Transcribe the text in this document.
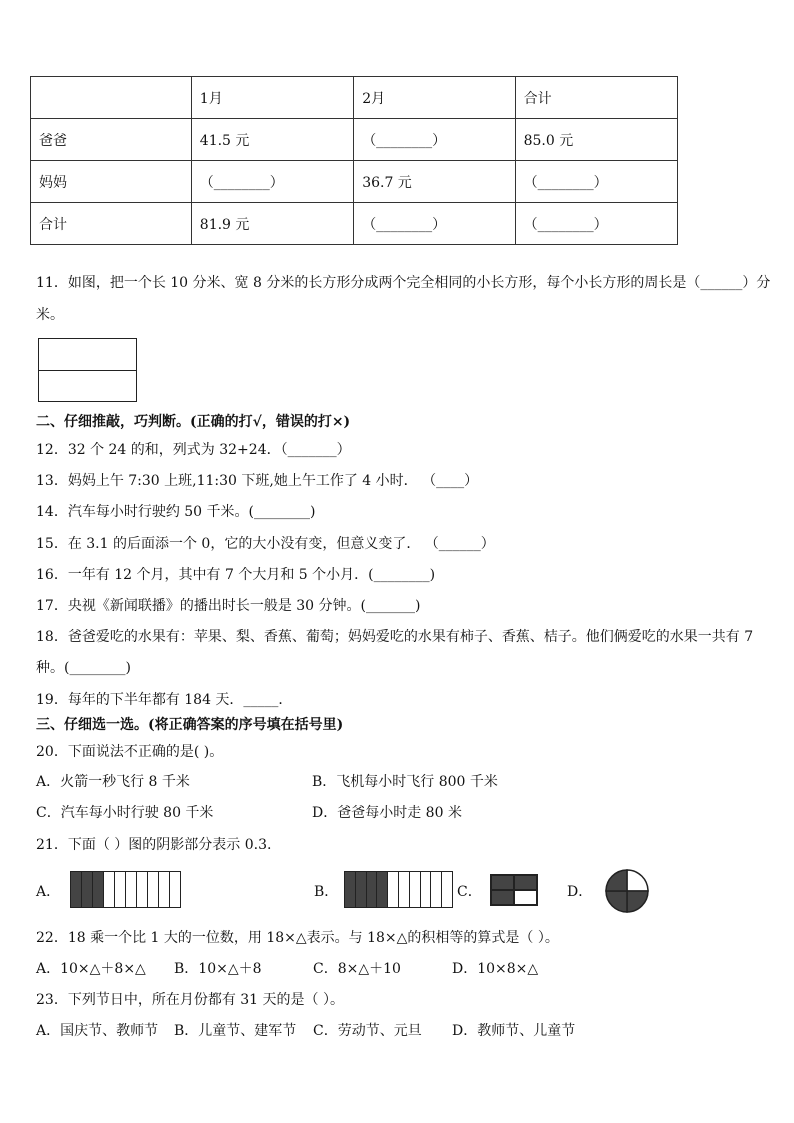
	1月	2月	合计
爸爸	41.5 元	（________）	85.0 元
妈妈	（________）	36.7 元	（________）
合计	81.9 元	（________）	（________）
11．如图，把一个长 10 分米、宽 8 分米的长方形分成两个完全相同的小长方形，每个小长方形的周长是（______）分
米。
二、仔细推敲，巧判断。(正确的打√，错误的打×)
12．32 个 24 的和，列式为 32+24．（_______）
13．妈妈上午 7:30 上班,11:30 下班,她上午工作了 4 小时． （____）
14．汽车每小时行驶约 50 千米。(________)
15．在 3.1 的后面添一个 0，它的大小没有变，但意义变了． （______）
16．一年有 12 个月，其中有 7 个大月和 5 个小月．(________)
17．央视《新闻联播》的播出时长一般是 30 分钟。(_______)
18．爸爸爱吃的水果有：苹果、梨、香蕉、葡萄；妈妈爱吃的水果有柿子、香蕉、桔子。他们俩爱吃的水果一共有 7
种。(________)
19．每年的下半年都有 184 天．_____．
三、仔细选一选。(将正确答案的序号填在括号里)
20．下面说法不正确的是( )。
A．火箭一秒飞行 8 千米	B．飞机每小时飞行 800 千米
C．汽车每小时行驶 80 千米	D．爸爸每小时走 80 米
21．下面（ ）图的阴影部分表示 0.3.
A．	B．	C．	D．
22．18 乘一个比 1 大的一位数，用 18×△表示。与 18×△的积相等的算式是（ ）。
A．10×△＋8×△ B．10×△＋8	C．8×△＋10	D．10×8×△
23．下列节日中，所在月份都有 31 天的是（ ）。
A．国庆节、教师节 B．儿童节、建军节 C．劳动节、元旦 D．教师节、儿童节
